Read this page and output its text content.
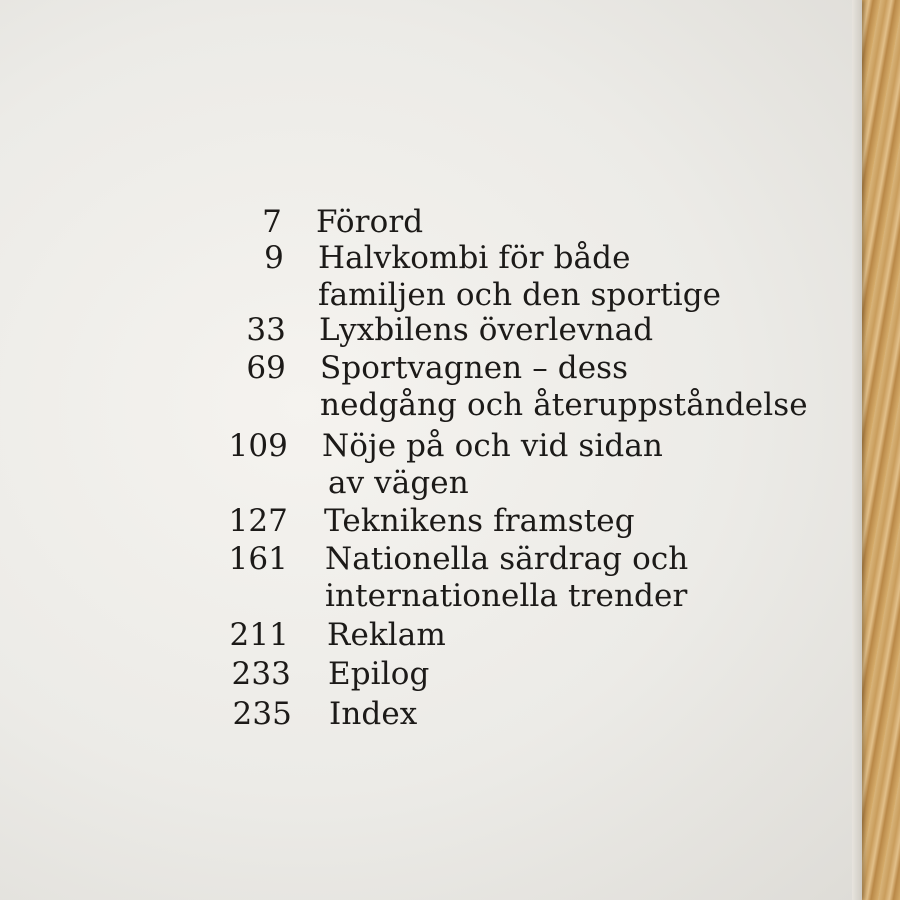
7 Förord
9 Halvkombi för både
familjen och den sportige
33 Lyxbilens överlevnad
69 Sportvagnen – dess
nedgång och återuppståndelse
109 Nöje på och vid sidan
av vägen
127 Teknikens framsteg
161 Nationella särdrag och
internationella trender
211 Reklam
233 Epilog
235 Index
